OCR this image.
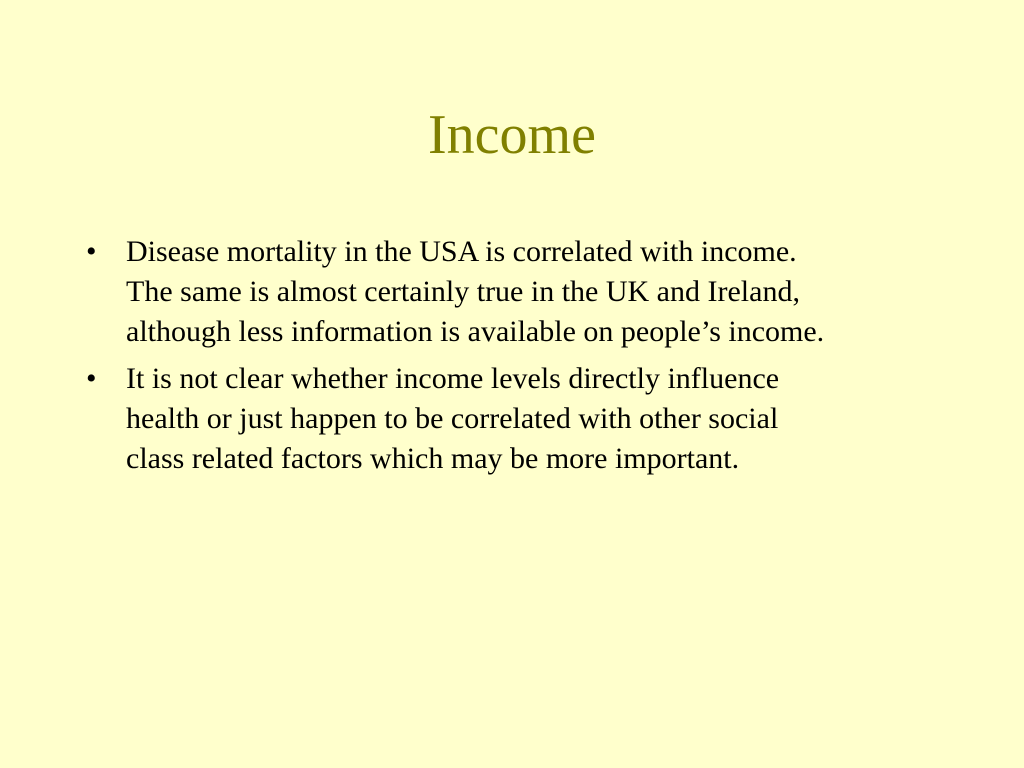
Income
• Disease mortality in the USA is correlated with income.
The same is almost certainly true in the UK and Ireland,
although less information is available on people’s income.
• It is not clear whether income levels directly influence
health or just happen to be correlated with other social
class related factors which may be more important.
